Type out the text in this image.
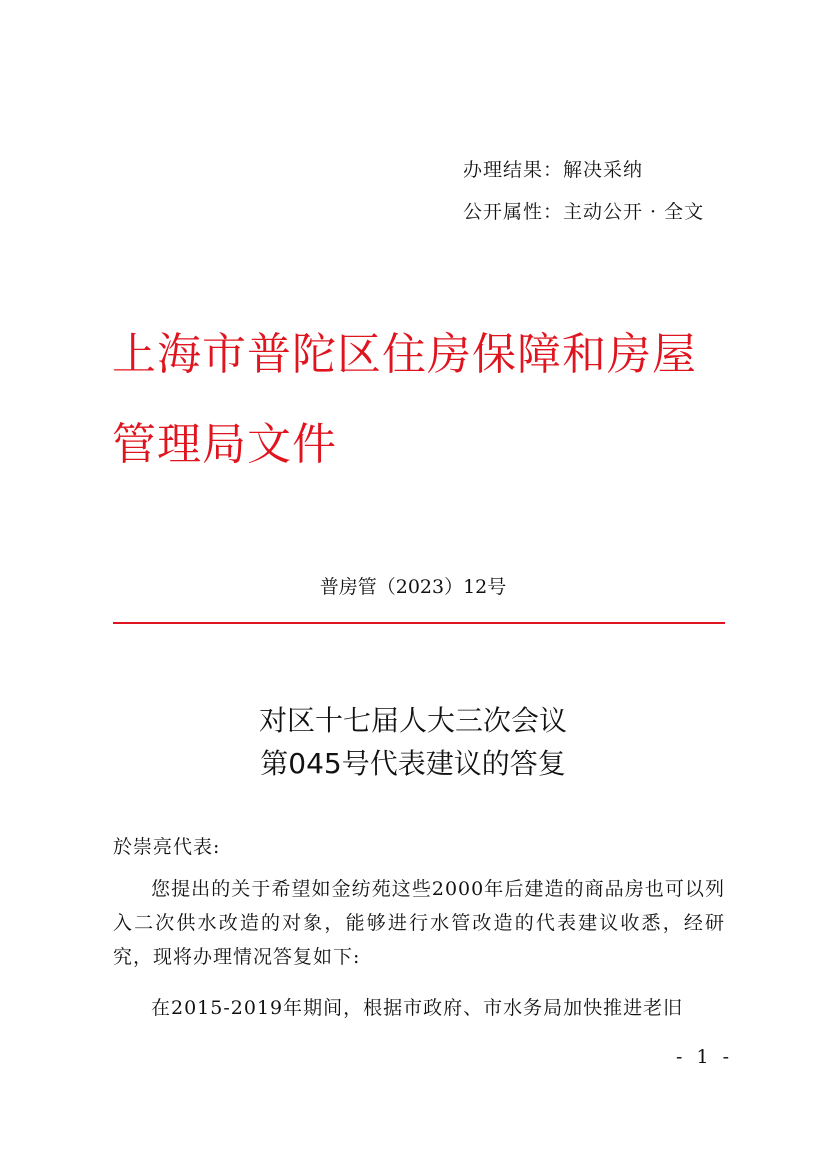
办理结果：解决采纳
公开属性：主动公开 · 全文
上海市普陀区住房保障和房屋管理局文件
普房管（2023）12号
对区十七届人大三次会议
第045号代表建议的答复
於崇亮代表:
您提出的关于希望如金纺苑这些2000年后建造的商品房也可以列入二次供水改造的对象，能够进行水管改造的代表建议收悉，经研究，现将办理情况答复如下:
在2015-2019年期间，根据市政府、市水务局加快推进老旧
- 1 -
